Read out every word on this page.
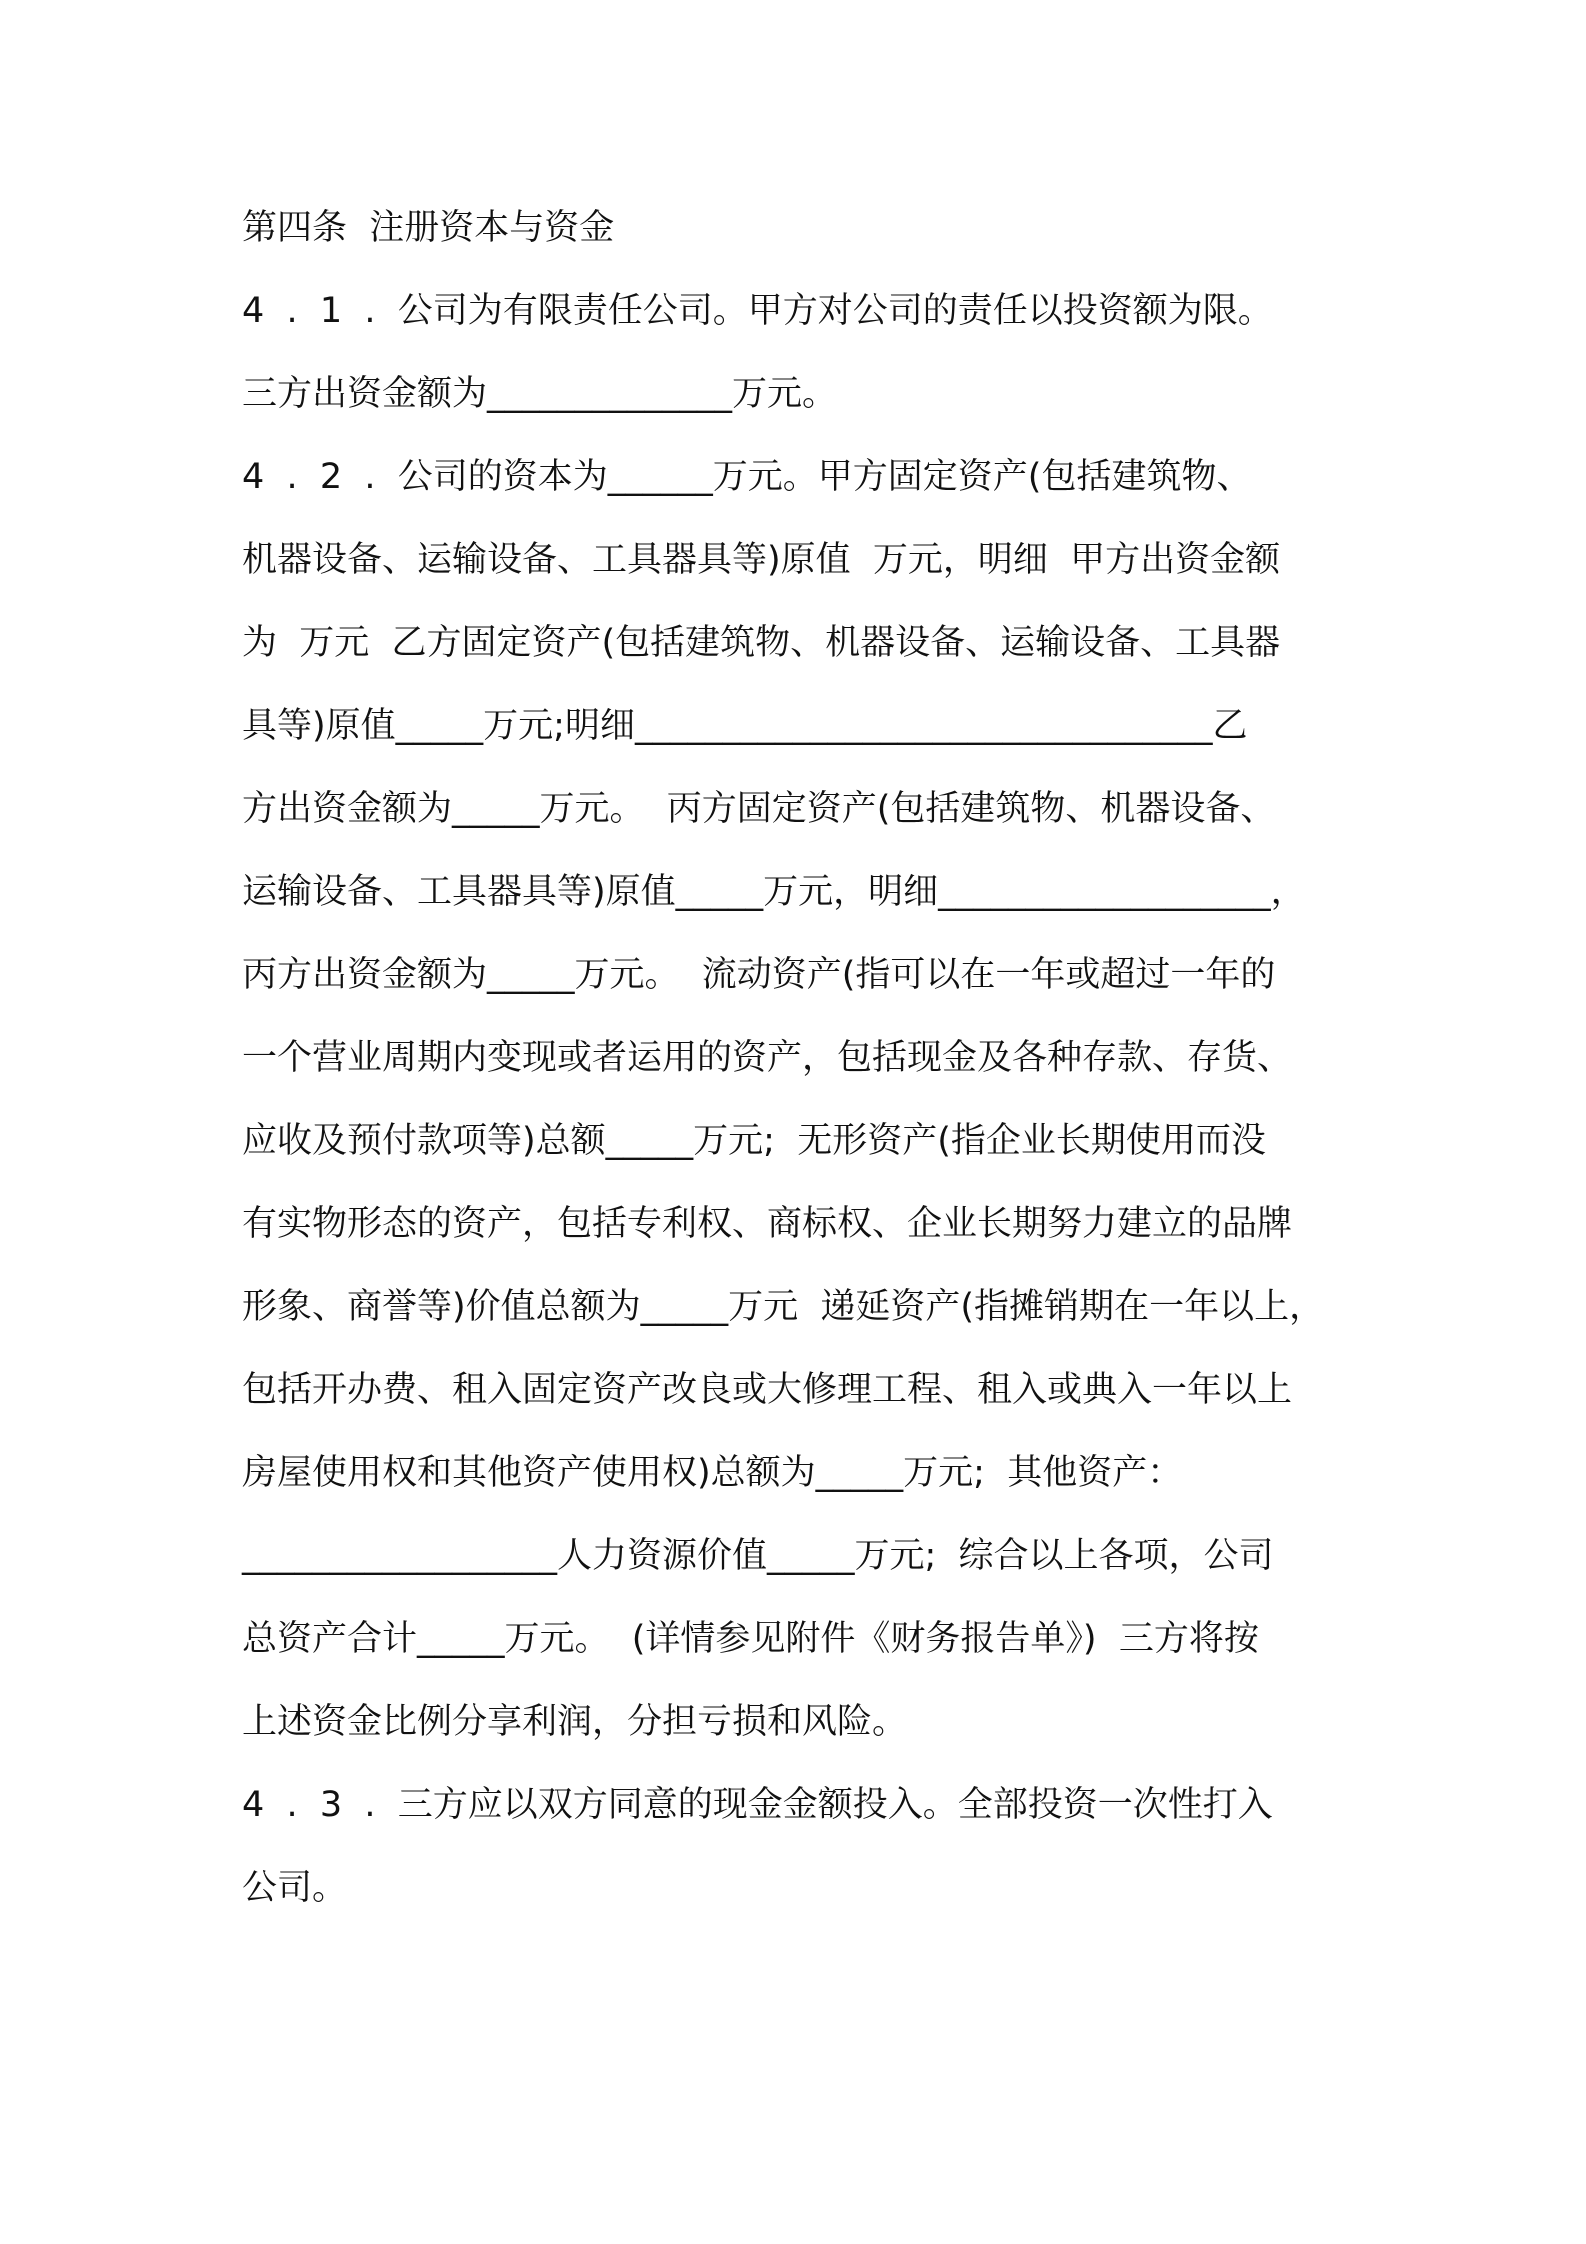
第四条  注册资本与资金
4  .  1  .  公司为有限责任公司。甲方对公司的责任以投资额为限。
三方出资金额为______________万元。
4  .  2  .  公司的资本为______万元。甲方固定资产(包括建筑物、
机器设备、运输设备、工具器具等)原值  万元，明细  甲方出资金额
为  万元  乙方固定资产(包括建筑物、机器设备、运输设备、工具器
具等)原值_____万元;明细_________________________________乙
方出资金额为_____万元。  丙方固定资产(包括建筑物、机器设备、
运输设备、工具器具等)原值_____万元，明细___________________，
丙方出资金额为_____万元。  流动资产(指可以在一年或超过一年的
一个营业周期内变现或者运用的资产，包括现金及各种存款、存货、
应收及预付款项等)总额_____万元;  无形资产(指企业长期使用而没
有实物形态的资产，包括专利权、商标权、企业长期努力建立的品牌
形象、商誉等)价值总额为_____万元  递延资产(指摊销期在一年以上，
包括开办费、租入固定资产改良或大修理工程、租入或典入一年以上
房屋使用权和其他资产使用权)总额为_____万元;  其他资产：
__________________人力资源价值_____万元;  综合以上各项，公司
总资产合计_____万元。  (详情参见附件《财务报告单》)  三方将按
上述资金比例分享利润，分担亏损和风险。
4  .  3  .  三方应以双方同意的现金金额投入。全部投资一次性打入
公司。
